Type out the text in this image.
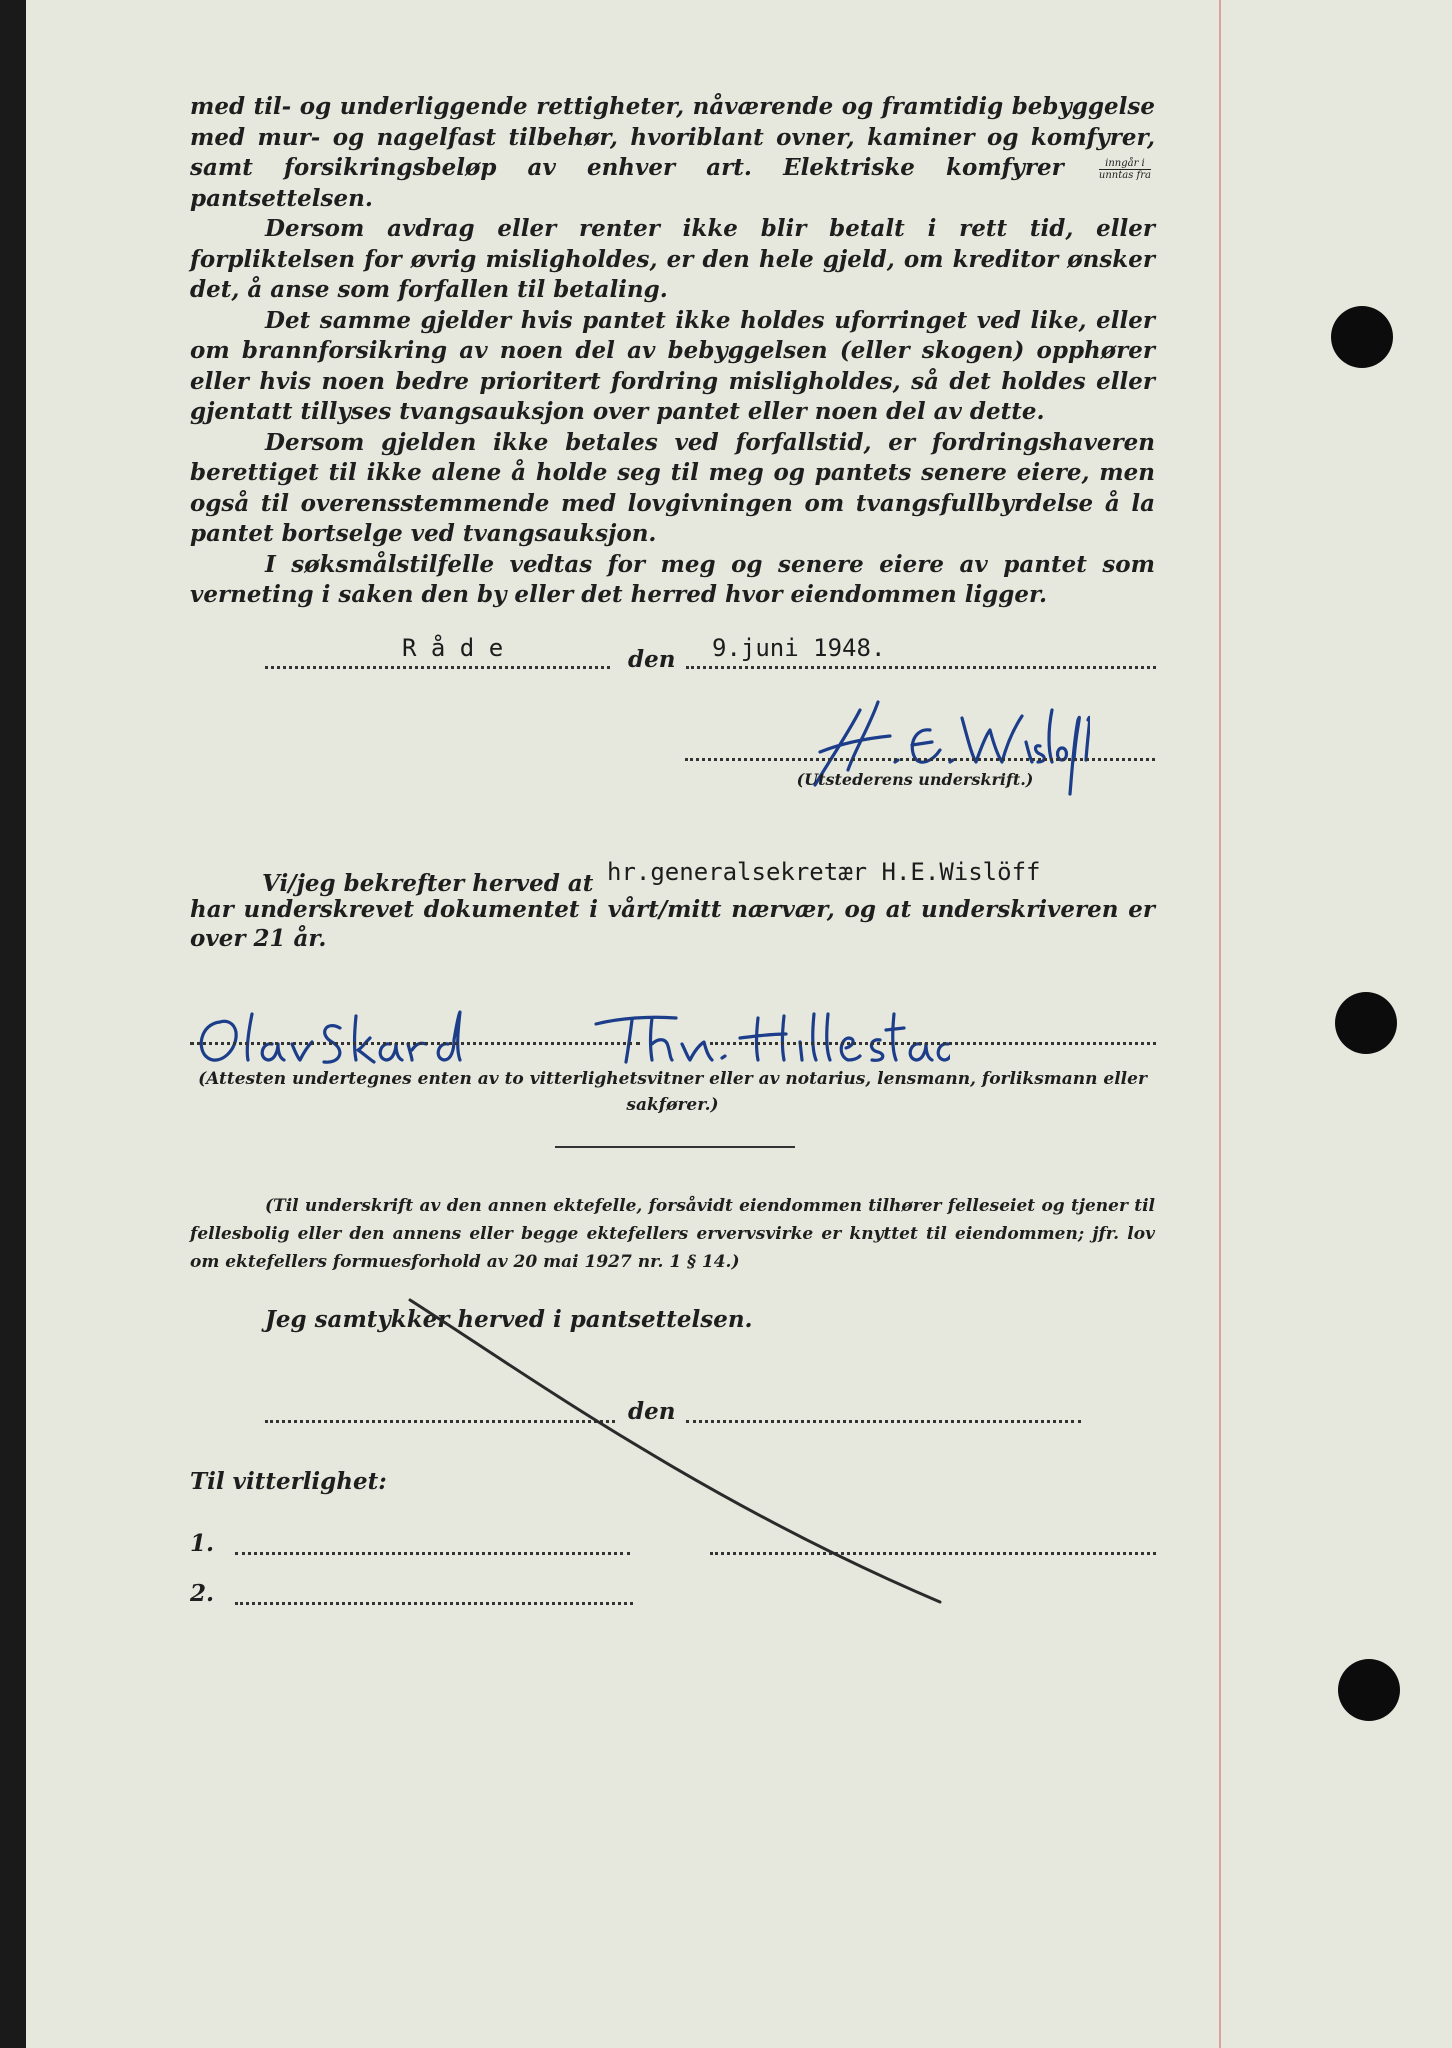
med til- og underliggende rettigheter, nåværende og framtidig bebyggelse med mur- og nagelfast tilbehør, hvoriblant ovner, kaminer og komfyrer, samt forsikringsbeløp av enhver art. Elektriske komfyrer	$\frac{\text{inngår i}}{\text{unntas fra}}$
pantsettelsen.

Dersom avdrag eller renter ikke blir betalt i rett tid, eller forpliktelsen for øvrig misligholdes, er den hele gjeld, om kreditor ønsker det, å anse som forfallen til betaling.

Det samme gjelder hvis pantet ikke holdes uforringet ved like, eller om brannforsikring av noen del av bebyggelsen (eller skogen) opphører eller hvis noen bedre prioritert fordring misligholdes, så det holdes eller gjentatt tillyses tvangsauksjon over pantet eller noen del av dette.

Dersom gjelden ikke betales ved forfallstid, er fordringshaveren berettiget til ikke alene å holde seg til meg og pantets senere eiere, men også til overensstemmende med lovgivningen om tvangsfullbyrdelse å la pantet bortselge ved tvangsauksjon.

I søksmålstilfelle vedtas for meg og senere eiere av pantet som verneting i saken den by eller det herred hvor eiendommen ligger.

R å d e	den 9.juni 1948.
(Utstederens underskrift.)
Vi/jeg bekrefter herved at hr.generalsekretær H.E.Wislöff
har underskrevet dokumentet i vårt/mitt nærvær, og at underskriveren er
over 21 år.
(Attesten undertegnes enten av to vitterlighetsvitner eller av notarius, lensmann, forliksmann eller sakfører.)
(Til underskrift av den annen ektefelle, forsåvidt eiendommen tilhører felleseiet og tjener til fellesbolig eller den annens eller begge ektefellers ervervsvirke er knyttet til eiendommen; jfr. lov om ektefellers formuesforhold av 20 mai 1927 nr. 1 § 14.)
Jeg samtykker herved i pantsettelsen.
den
Til vitterlighet:
1.
2.
